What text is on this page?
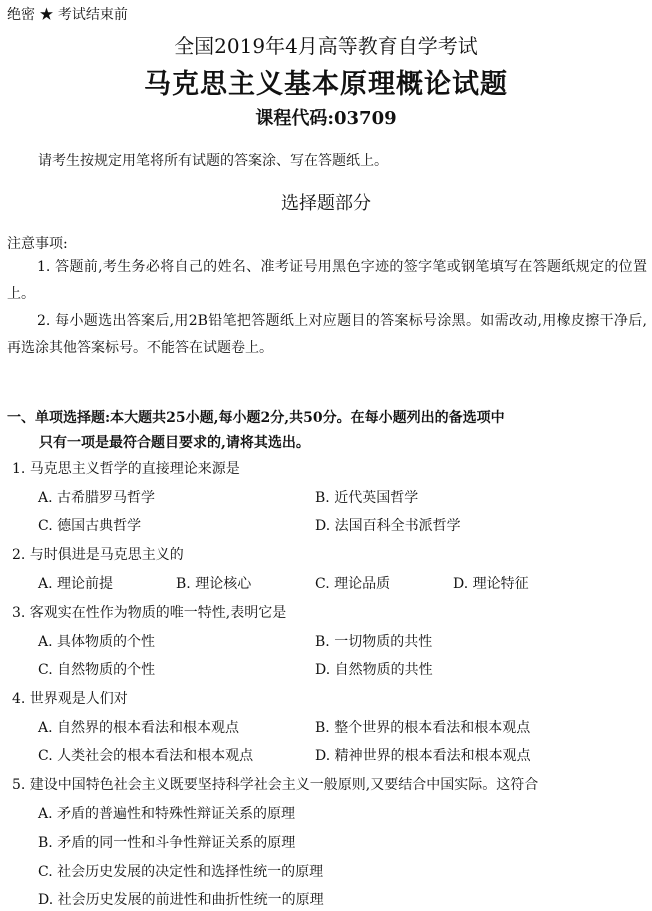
绝密 ★ 考试结束前
全国2019年4月高等教育自学考试
马克思主义基本原理概论试题
课程代码:03709
请考生按规定用笔将所有试题的答案涂、写在答题纸上。
选择题部分
注意事项:
1. 答题前,考生务必将自己的姓名、准考证号用黑色字迹的签字笔或钢笔填写在答题纸规定的位置上。
2. 每小题选出答案后,用2B铅笔把答题纸上对应题目的答案标号涂黑。如需改动,用橡皮擦干净后,再选涂其他答案标号。不能答在试题卷上。
一、单项选择题:本大题共25小题,每小题2分,共50分。在每小题列出的备选项中
只有一项是最符合题目要求的,请将其选出。
1. 马克思主义哲学的直接理论来源是
A. 古希腊罗马哲学	B. 近代英国哲学
C. 德国古典哲学	D. 法国百科全书派哲学
2. 与时俱进是马克思主义的
A. 理论前提	B. 理论核心	C. 理论品质	D. 理论特征
3. 客观实在性作为物质的唯一特性,表明它是
A. 具体物质的个性	B. 一切物质的共性
C. 自然物质的个性	D. 自然物质的共性
4. 世界观是人们对
A. 自然界的根本看法和根本观点	B. 整个世界的根本看法和根本观点
C. 人类社会的根本看法和根本观点	D. 精神世界的根本看法和根本观点
5. 建设中国特色社会主义既要坚持科学社会主义一般原则,又要结合中国实际。这符合
A. 矛盾的普遍性和特殊性辩证关系的原理
B. 矛盾的同一性和斗争性辩证关系的原理
C. 社会历史发展的决定性和选择性统一的原理
D. 社会历史发展的前进性和曲折性统一的原理
